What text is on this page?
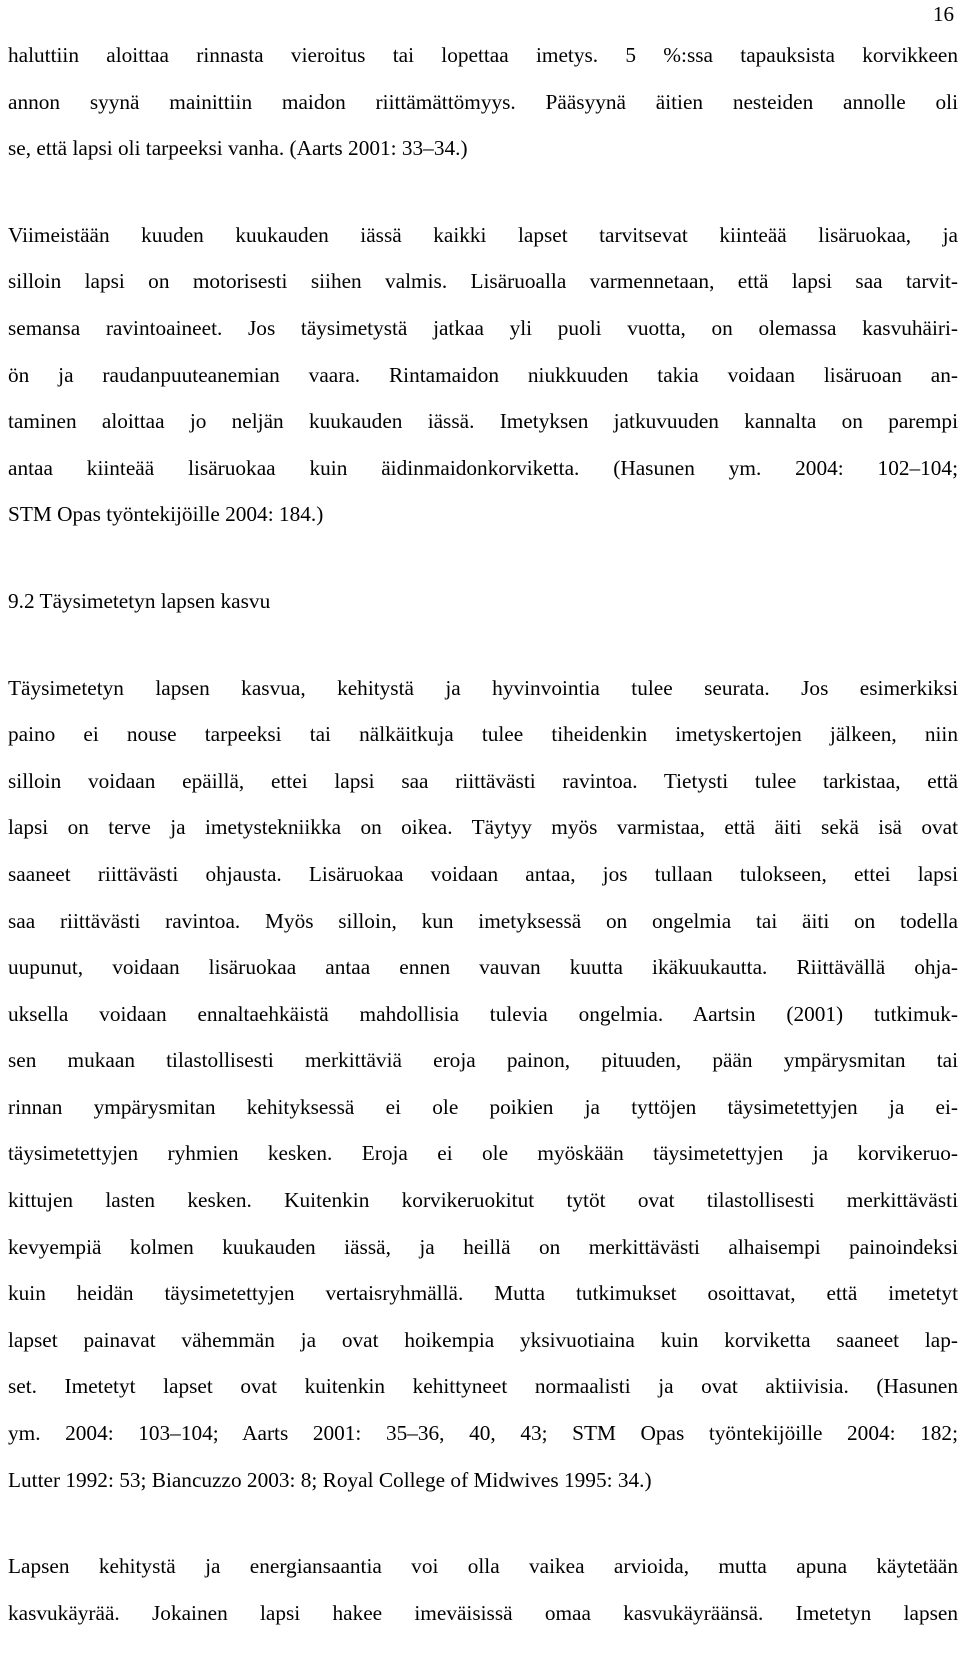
16

haluttiin aloittaa rinnasta vieroitus tai lopettaa imetys. 5 %:ssa tapauksista korvikkeen
annon syynä mainittiin maidon riittämättömyys. Pääsyynä äitien nesteiden annolle oli
se, että lapsi oli tarpeeksi vanha. (Aarts 2001: 33–34.)

Viimeistään kuuden kuukauden iässä kaikki lapset tarvitsevat kiinteää lisäruokaa, ja
silloin lapsi on motorisesti siihen valmis. Lisäruoalla varmennetaan, että lapsi saa tarvit-
semansa ravintoaineet. Jos täysimetystä jatkaa yli puoli vuotta, on olemassa kasvuhäiri-
ön ja raudanpuuteanemian vaara. Rintamaidon niukkuuden takia voidaan lisäruoan an-
taminen aloittaa jo neljän kuukauden iässä. Imetyksen jatkuvuuden kannalta on parempi
antaa kiinteää lisäruokaa kuin äidinmaidonkorviketta. (Hasunen ym. 2004: 102–104;
STM Opas työntekijöille 2004: 184.)

9.2 Täysimetetyn lapsen kasvu

Täysimetetyn lapsen kasvua, kehitystä ja hyvinvointia tulee seurata. Jos esimerkiksi
paino ei nouse tarpeeksi tai nälkäitkuja tulee tiheidenkin imetyskertojen jälkeen, niin
silloin voidaan epäillä, ettei lapsi saa riittävästi ravintoa. Tietysti tulee tarkistaa, että
lapsi on terve ja imetystekniikka on oikea. Täytyy myös varmistaa, että äiti sekä isä ovat
saaneet riittävästi ohjausta. Lisäruokaa voidaan antaa, jos tullaan tulokseen, ettei lapsi
saa riittävästi ravintoa. Myös silloin, kun imetyksessä on ongelmia tai äiti on todella
uupunut, voidaan lisäruokaa antaa ennen vauvan kuutta ikäkuukautta. Riittävällä ohja-
uksella voidaan ennaltaehkäistä mahdollisia tulevia ongelmia. Aartsin (2001) tutkimuk-
sen mukaan tilastollisesti merkittäviä eroja painon, pituuden, pään ympärysmitan tai
rinnan ympärysmitan kehityksessä ei ole poikien ja tyttöjen täysimetettyjen ja ei-
täysimetettyjen ryhmien kesken. Eroja ei ole myöskään täysimetettyjen ja korvikeruo-
kittujen lasten kesken. Kuitenkin korvikeruokitut tytöt ovat tilastollisesti merkittävästi
kevyempiä kolmen kuukauden iässä, ja heillä on merkittävästi alhaisempi painoindeksi
kuin heidän täysimetettyjen vertaisryhmällä. Mutta tutkimukset osoittavat, että imetetyt
lapset painavat vähemmän ja ovat hoikempia yksivuotiaina kuin korviketta saaneet lap-
set. Imetetyt lapset ovat kuitenkin kehittyneet normaalisti ja ovat aktiivisia. (Hasunen
ym. 2004: 103–104; Aarts 2001: 35–36, 40, 43; STM Opas työntekijöille 2004: 182;
Lutter 1992: 53; Biancuzzo 2003: 8; Royal College of Midwives 1995: 34.)

Lapsen kehitystä ja energiansaantia voi olla vaikea arvioida, mutta apuna käytetään
kasvukäyrää. Jokainen lapsi hakee imeväisissä omaa kasvukäyräänsä. Imetetyn lapsen
